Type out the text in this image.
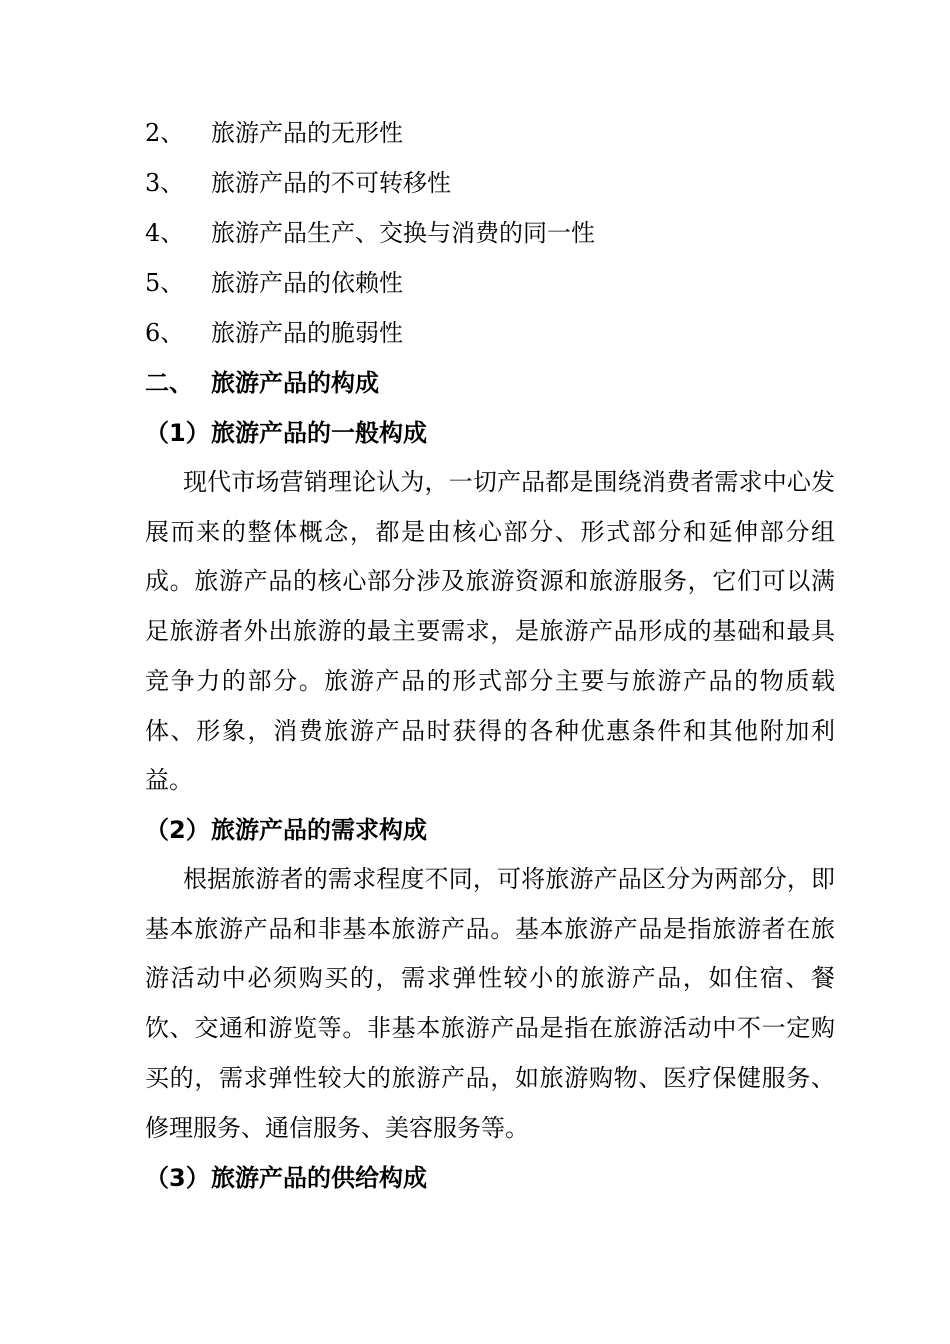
2、 旅游产品的无形性
3、 旅游产品的不可转移性
4、 旅游产品生产、交换与消费的同一性
5、 旅游产品的依赖性
6、 旅游产品的脆弱性
二、 旅游产品的构成
（1）旅游产品的一般构成
现代市场营销理论认为，一切产品都是围绕消费者需求中心发展而来的整体概念，都是由核心部分、形式部分和延伸部分组成。旅游产品的核心部分涉及旅游资源和旅游服务，它们可以满足旅游者外出旅游的最主要需求，是旅游产品形成的基础和最具竞争力的部分。旅游产品的形式部分主要与旅游产品的物质载体、形象，消费旅游产品时获得的各种优惠条件和其他附加利益。
（2）旅游产品的需求构成
根据旅游者的需求程度不同，可将旅游产品区分为两部分，即基本旅游产品和非基本旅游产品。基本旅游产品是指旅游者在旅游活动中必须购买的，需求弹性较小的旅游产品，如住宿、餐饮、交通和游览等。非基本旅游产品是指在旅游活动中不一定购买的，需求弹性较大的旅游产品，如旅游购物、医疗保健服务、修理服务、通信服务、美容服务等。
（3）旅游产品的供给构成
